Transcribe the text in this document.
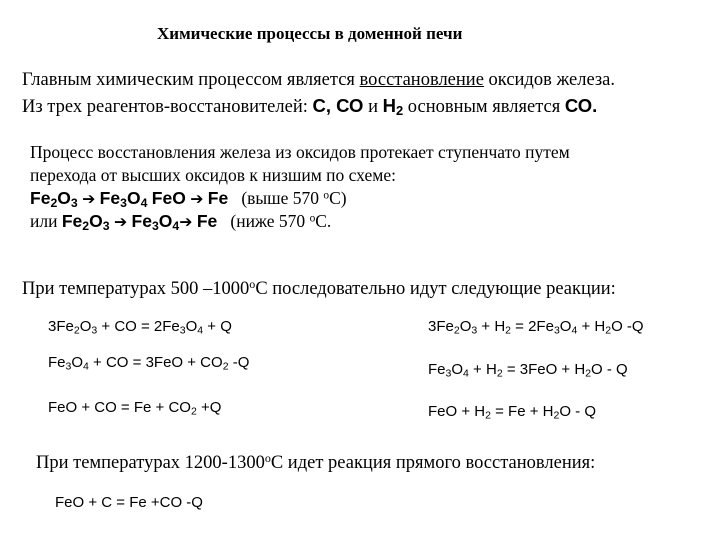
Химические процессы в доменной печи
Главным химическим процессом является восстановление оксидов железа.
Из трех реагентов-восстановителей: С, СО и $Н_2$ основным является СО.
Процесс восстановления железа из оксидов протекает ступенчато путем
перехода от высших оксидов к низшим по схеме:
$Fe_2O_3$ ➔ $Fe_3O_4$ FeO ➔ Fe (выше 570 $^о$С)
или $Fe_2O_3$ ➔ $Fe_3O_4➔$ Fe (ниже 570 $^о$С.
При температурах 500 $-1000^оС$ последовательно идут следующие реакции:
$3Fe_2O_3$ + CO = $2Fe_3O_4 + Q$
$Fe_3O_4$ + CO = $3FeO + CO_2$ -Q
FeO + CO = $Fe + CO_2 +Q$
$3Fe_2O_3 + H_2 = 2Fe_3O_4 + H_2O$ -Q
$Fe_3O_4 + H_2 = 3FeO + H_2O - Q$
FeO + $H_2 = Fe + H_2O - Q$
При температурах $1200-1300^оС$ идет реакция прямого восстановления:
FeO + C = Fe +CO -Q
